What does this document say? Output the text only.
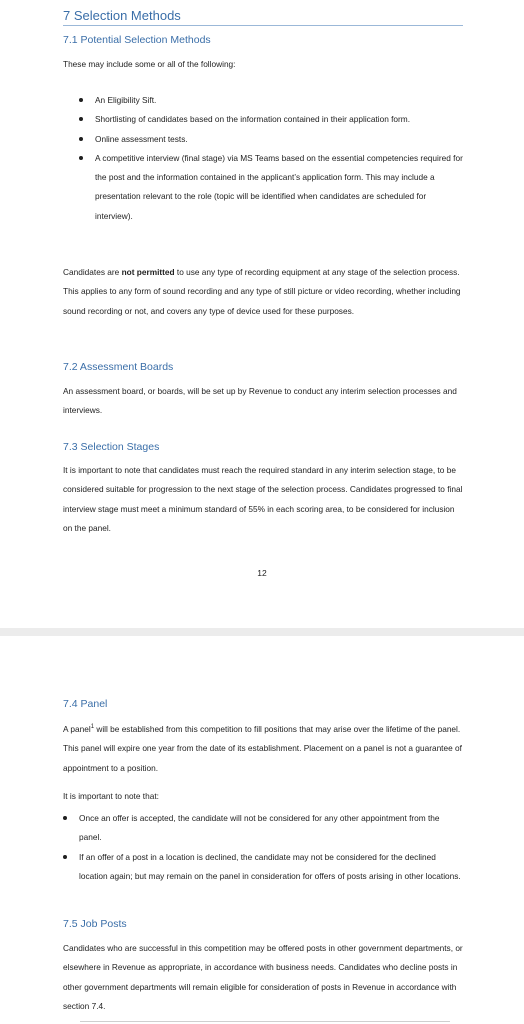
7 Selection Methods
7.1 Potential Selection Methods

These may include some or all of the following:

An Eligibility Sift.
Shortlisting of candidates based on the information contained in their application form.
Online assessment tests.
A competitive interview (final stage) via MS Teams based on the essential competencies required for the post and the information contained in the applicant’s application form. This may include a presentation relevant to the role (topic will be identified when candidates are scheduled for interview).

Candidates are not permitted to use any type of recording equipment at any stage of the selection process. This applies to any form of sound recording and any type of still picture or video recording, whether including sound recording or not, and covers any type of device used for these purposes.

7.2 Assessment Boards

An assessment board, or boards, will be set up by Revenue to conduct any interim selection processes and interviews.

7.3 Selection Stages

It is important to note that candidates must reach the required standard in any interim selection stage, to be considered suitable for progression to the next stage of the selection process. Candidates progressed to final interview stage must meet a minimum standard of 55% in each scoring area, to be considered for inclusion on the panel.

12
7.4 Panel

A panel$^1$ will be established from this competition to fill positions that may arise over the lifetime of the panel. This panel will expire one year from the date of its establishment. Placement on a panel is not a guarantee of appointment to a position.

It is important to note that:

Once an offer is accepted, the candidate will not be considered for any other appointment from the panel.
If an offer of a post in a location is declined, the candidate may not be considered for the declined location again; but may remain on the panel in consideration for offers of posts arising in other locations.
7.5 Job Posts

Candidates who are successful in this competition may be offered posts in other government departments, or elsewhere in Revenue as appropriate, in accordance with business needs. Candidates who decline posts in other government departments will remain eligible for consideration of posts in Revenue in accordance with section 7.4.
